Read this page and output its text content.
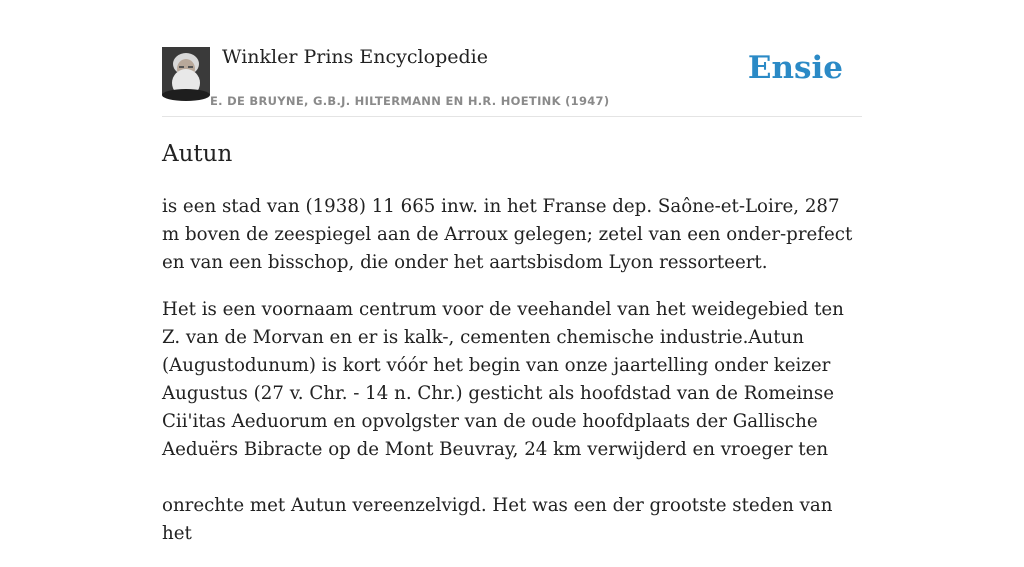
Winkler Prins Encyclopedie
E. DE BRUYNE, G.B.J. HILTERMANN EN H.R. HOETINK (1947)
Ensie
Autun

is een stad van (1938) 11 665 inw. in het Franse dep. Saône-et-Loire, 287 m boven de zeespiegel aan de Arroux gelegen; zetel van een onder-prefect en van een bisschop, die onder het aartsbisdom Lyon ressorteert.

Het is een voornaam centrum voor de veehandel van het weidegebied ten Z. van de Morvan en er is kalk-, cementen chemische industrie.Autun (Augustodunum) is kort vóór het begin van onze jaartelling onder keizer Augustus (27 v. Chr. - 14 n. Chr.) gesticht als hoofdstad van de Romeinse Cii'itas Aeduorum en opvolgster van de oude hoofdplaats der Gallische Aeduërs Bibracte op de Mont Beuvray, 24 km verwijderd en vroeger ten

onrechte met Autun vereenzelvigd. Het was een der grootste steden van het
